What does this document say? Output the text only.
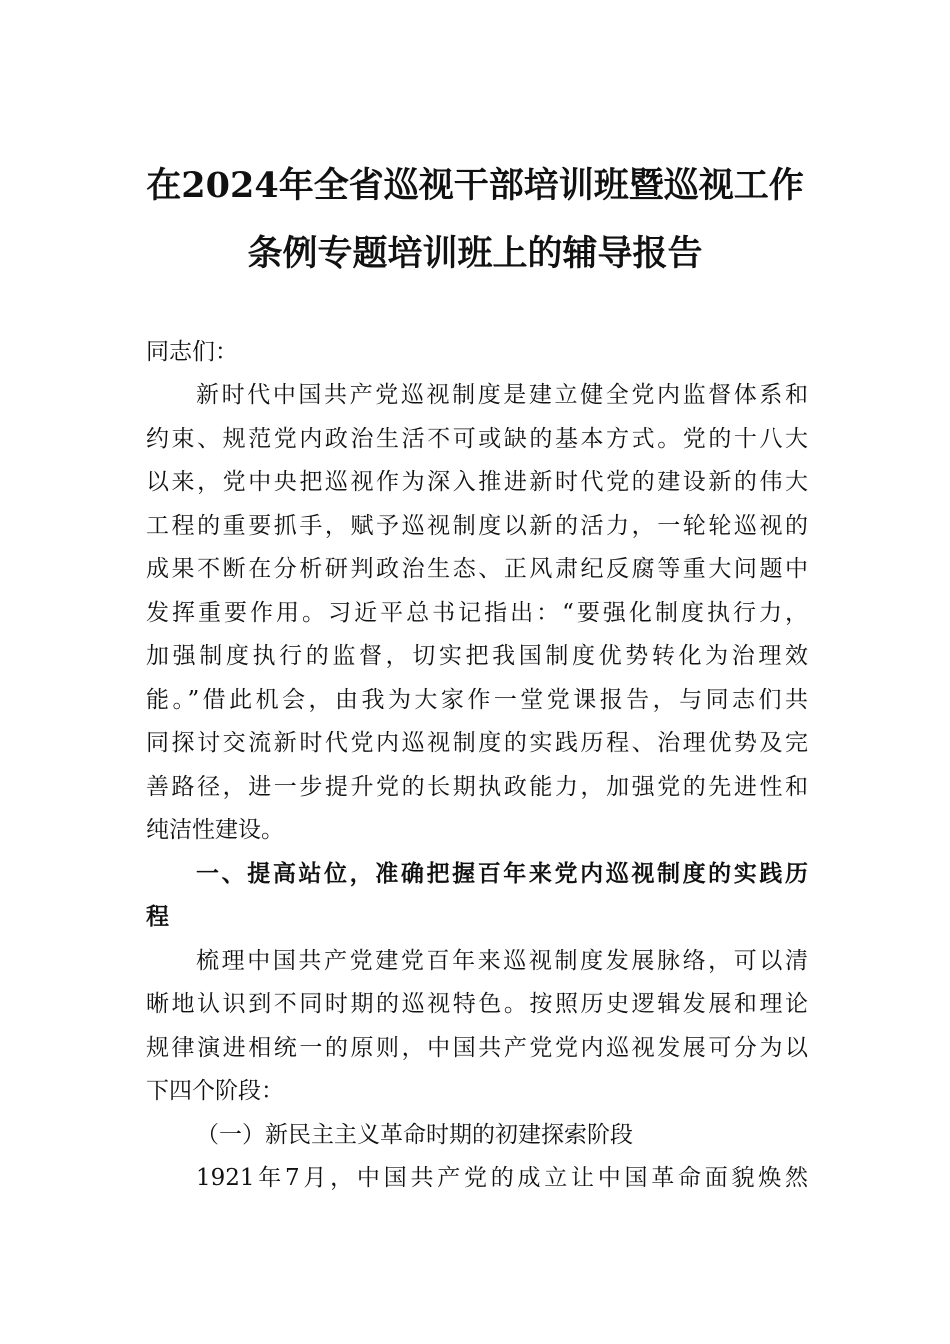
在2024年全省巡视干部培训班暨巡视工作
条例专题培训班上的辅导报告
同志们：
新时代中国共产党巡视制度是建立健全党内监督体系和
约束、规范党内政治生活不可或缺的基本方式。党的十八大
以来，党中央把巡视作为深入推进新时代党的建设新的伟大
工程的重要抓手，赋予巡视制度以新的活力，一轮轮巡视的
成果不断在分析研判政治生态、正风肃纪反腐等重大问题中
发挥重要作用。习近平总书记指出：“要强化制度执行力，
加强制度执行的监督，切实把我国制度优势转化为治理效
能。”借此机会，由我为大家作一堂党课报告，与同志们共
同探讨交流新时代党内巡视制度的实践历程、治理优势及完
善路径，进一步提升党的长期执政能力，加强党的先进性和
纯洁性建设。
一、提高站位，准确把握百年来党内巡视制度的实践历
程
梳理中国共产党建党百年来巡视制度发展脉络，可以清
晰地认识到不同时期的巡视特色。按照历史逻辑发展和理论
规律演进相统一的原则，中国共产党党内巡视发展可分为以
下四个阶段：
（一）新民主主义革命时期的初建探索阶段
1921年7月，中国共产党的成立让中国革命面貌焕然
